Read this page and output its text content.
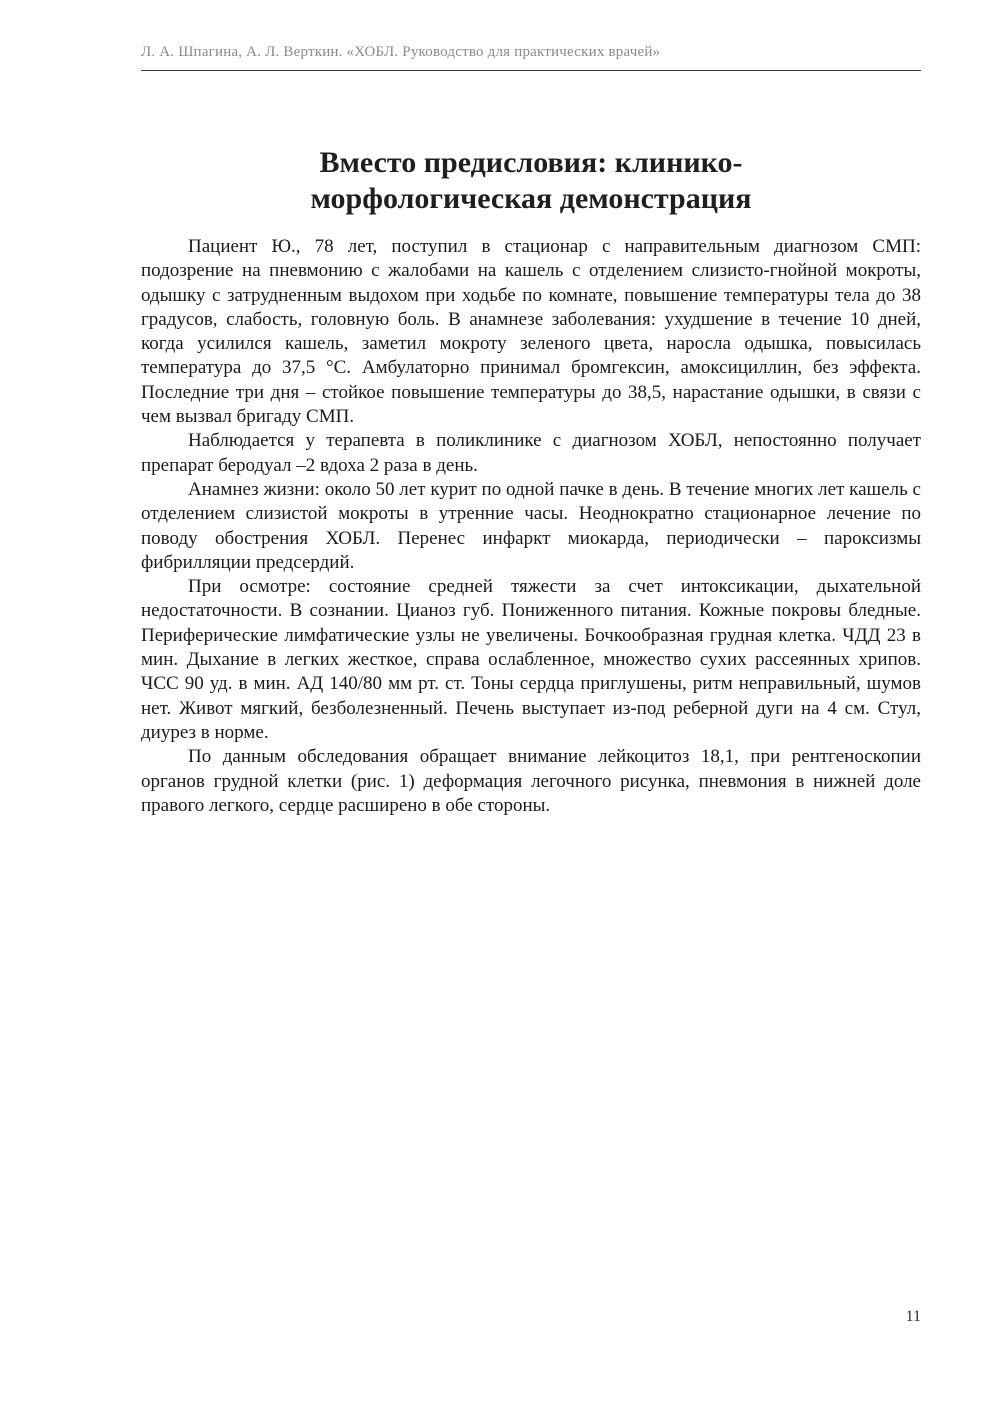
Л. А. Шпагина, А. Л. Верткин. «ХОБЛ. Руководство для практических врачей»
Вместо предисловия: клинико-
морфологическая демонстрация

Пациент Ю., 78 лет, поступил в стационар с направительным диагнозом СМП: подозрение на пневмонию с жалобами на кашель с отделением слизисто-гнойной мокроты, одышку с затрудненным выдохом при ходьбе по комнате, повышение температуры тела до 38 градусов, слабость, головную боль. В анамнезе заболевания: ухудшение в течение 10 дней, когда усилился кашель, заметил мокроту зеленого цвета, наросла одышка, повысилась температура до 37,5 °С. Амбулаторно принимал бромгексин, амоксициллин, без эффекта. Последние три дня – стойкое повышение температуры до 38,5, нарастание одышки, в связи с чем вызвал бригаду СМП.

Наблюдается у терапевта в поликлинике с диагнозом ХОБЛ, непостоянно получает препарат беродуал –2 вдоха 2 раза в день.

Анамнез жизни: около 50 лет курит по одной пачке в день. В течение многих лет кашель с отделением слизистой мокроты в утренние часы. Неоднократно стационарное лечение по поводу обострения ХОБЛ. Перенес инфаркт миокарда, периодически – пароксизмы фибрилляции предсердий.

При осмотре: состояние средней тяжести за счет интоксикации, дыхательной недостаточности. В сознании. Цианоз губ. Пониженного питания. Кожные покровы бледные. Периферические лимфатические узлы не увеличены. Бочкообразная грудная клетка. ЧДД 23 в мин. Дыхание в легких жесткое, справа ослабленное, множество сухих рассеянных хрипов. ЧСС 90 уд. в мин. АД 140/80 мм рт. ст. Тоны сердца приглушены, ритм неправильный, шумов нет. Живот мягкий, безболезненный. Печень выступает из-под реберной дуги на 4 см. Стул, диурез в норме.

По данным обследования обращает внимание лейкоцитоз 18,1, при рентгеноскопии органов грудной клетки (рис. 1) деформация легочного рисунка, пневмония в нижней доле правого легкого, сердце расширено в обе стороны.

11
